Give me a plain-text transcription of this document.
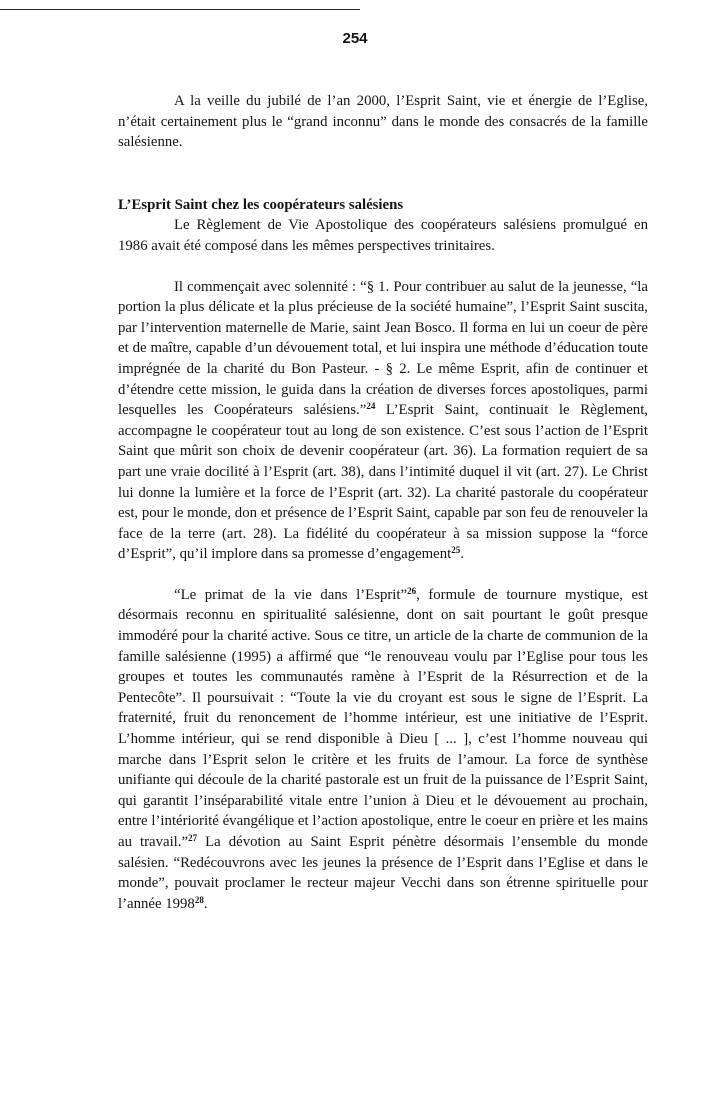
254

A la veille du jubilé de l’an 2000, l’Esprit Saint, vie et énergie de l’Eglise, n’était certainement plus le “grand inconnu” dans le monde des consacrés de la famille salésienne.

L’Esprit Saint chez les coopérateurs salésiens

Le Règlement de Vie Apostolique des coopérateurs salésiens promulgué en 1986 avait été composé dans les mêmes perspectives trinitaires.

Il commençait avec solennité : “§ 1. Pour contribuer au salut de la jeunesse, “la portion la plus délicate et la plus précieuse de la société humaine”, l’Esprit Saint suscita, par l’intervention maternelle de Marie, saint Jean Bosco. Il forma en lui un coeur de père et de maître, capable d’un dévouement total, et lui inspira une méthode d’éducation toute imprégnée de la charité du Bon Pasteur. - § 2. Le même Esprit, afin de continuer et d’étendre cette mission, le guida dans la création de diverses forces apostoliques, parmi lesquelles les Coopérateurs salésiens.”$^{24}$ L’Esprit Saint, continuait le Règlement, accompagne le coopérateur tout au long de son existence. C’est sous l’action de l’Esprit Saint que mûrit son choix de devenir coopérateur (art. 36). La formation requiert de sa part une vraie docilité à l’Esprit (art. 38), dans l’intimité duquel il vit (art. 27). Le Christ lui donne la lumière et la force de l’Esprit (art. 32). La charité pastorale du coopérateur est, pour le monde, don et présence de l’Esprit Saint, capable par son feu de renouveler la face de la terre (art. 28). La fidélité du coopérateur à sa mission suppose la “force d’Esprit”, qu’il implore dans sa promesse d’engagement$^{25}$.

“Le primat de la vie dans l’Esprit”$^{26}$, formule de tournure mystique, est désormais reconnu en spiritualité salésienne, dont on sait pourtant le goût presque immodéré pour la charité active. Sous ce titre, un article de la charte de communion de la famille salésienne (1995) a affirmé que “le renouveau voulu par l’Eglise pour tous les groupes et toutes les communautés ramène à l’Esprit de la Résurrection et de la Pentecôte”. Il poursuivait : “Toute la vie du croyant est sous le signe de l’Esprit. La fraternité, fruit du renoncement de l’homme intérieur, est une initiative de l’Esprit. L’homme intérieur, qui se rend disponible à Dieu [ ... ], c’est l’homme nouveau qui marche dans l’Esprit selon le critère et les fruits de l’amour. La force de synthèse unifiante qui découle de la charité pastorale est un fruit de la puissance de l’Esprit Saint, qui garantit l’inséparabilité vitale entre l’union à Dieu et le dévouement au prochain, entre l’intériorité évangélique et l’action apostolique, entre le coeur en prière et les mains au travail.”$^{27}$ La dévotion au Saint Esprit pénètre désormais l’ensemble du monde salésien. “Redécouvrons avec les jeunes la présence de l’Esprit dans l’Eglise et dans le monde”, pouvait proclamer le recteur majeur Vecchi dans son étrenne spirituelle pour l’année 1998$^{28}$.
